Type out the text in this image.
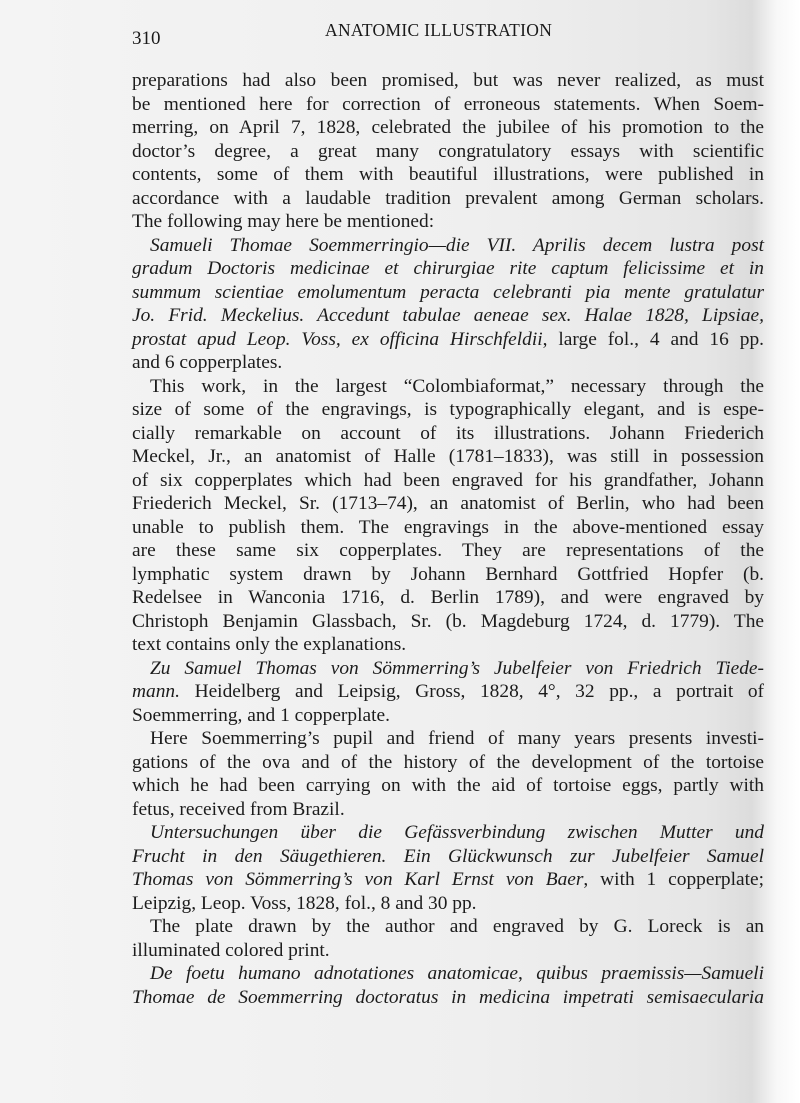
310	ANATOMIC ILLUSTRATION
preparations had also been promised, but was never realized, as must
be mentioned here for correction of erroneous statements. When Soem-
merring, on April 7, 1828, celebrated the jubilee of his promotion to the
doctor’s degree, a great many congratulatory essays with scientific
contents, some of them with beautiful illustrations, were published in
accordance with a laudable tradition prevalent among German scholars.
The following may here be mentioned:
Samueli Thomae Soemmerringio—die VII. Aprilis decem lustra post
gradum Doctoris medicinae et chirurgiae rite captum felicissime et in
summum scientiae emolumentum peracta celebranti pia mente gratulatur
Jo. Frid. Meckelius. Accedunt tabulae aeneae sex. Halae 1828, Lipsiae,
prostat apud Leop. Voss, ex officina Hirschfeldii, large fol., 4 and 16 pp.
and 6 copperplates.
This work, in the largest “Colombiaformat,” necessary through the
size of some of the engravings, is typographically elegant, and is espe-
cially remarkable on account of its illustrations. Johann Friederich
Meckel, Jr., an anatomist of Halle (1781–1833), was still in possession
of six copperplates which had been engraved for his grandfather, Johann
Friederich Meckel, Sr. (1713–74), an anatomist of Berlin, who had been
unable to publish them. The engravings in the above-mentioned essay
are these same six copperplates. They are representations of the
lymphatic system drawn by Johann Bernhard Gottfried Hopfer (b.
Redelsee in Wanconia 1716, d. Berlin 1789), and were engraved by
Christoph Benjamin Glassbach, Sr. (b. Magdeburg 1724, d. 1779). The
text contains only the explanations.
Zu Samuel Thomas von Sömmerring’s Jubelfeier von Friedrich Tiede-
mann. Heidelberg and Leipsig, Gross, 1828, 4°, 32 pp., a portrait of
Soemmerring, and 1 copperplate.
Here Soemmerring’s pupil and friend of many years presents investi-
gations of the ova and of the history of the development of the tortoise
which he had been carrying on with the aid of tortoise eggs, partly with
fetus, received from Brazil.
Untersuchungen über die Gefässverbindung zwischen Mutter und
Frucht in den Säugethieren. Ein Glückwunsch zur Jubelfeier Samuel
Thomas von Sömmerring’s von Karl Ernst von Baer, with 1 copperplate;
Leipzig, Leop. Voss, 1828, fol., 8 and 30 pp.
The plate drawn by the author and engraved by G. Loreck is an
illuminated colored print.
De foetu humano adnotationes anatomicae, quibus praemissis—Samueli
Thomae de Soemmerring doctoratus in medicina impetrati semisaecularia
